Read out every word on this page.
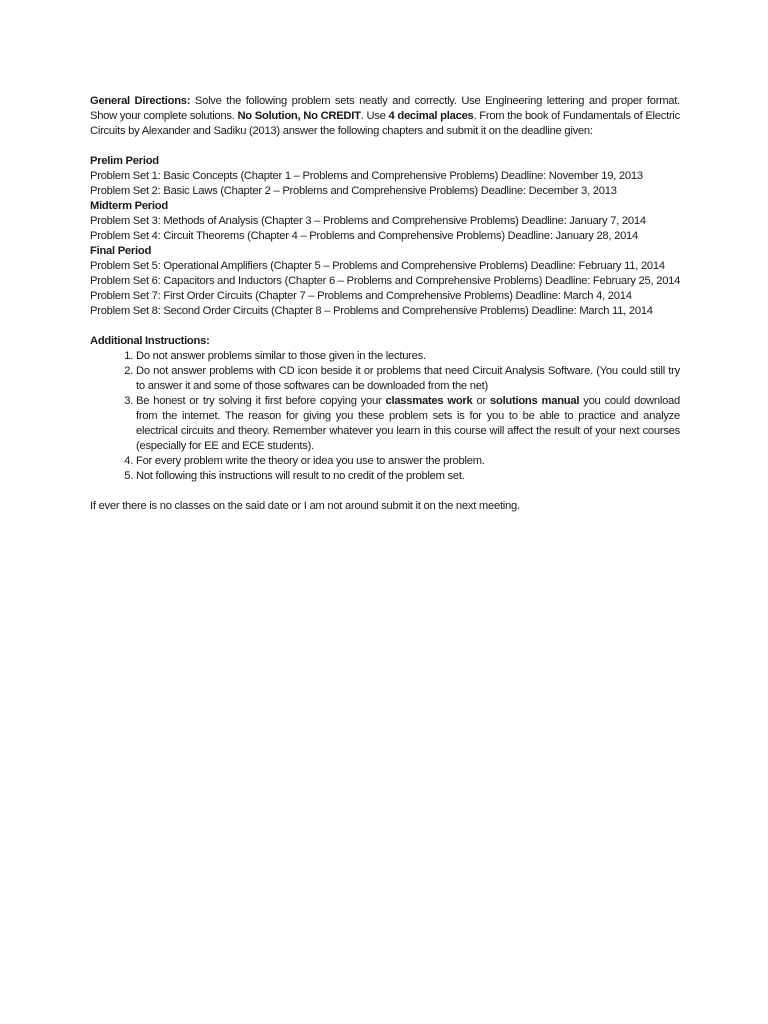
General Directions: Solve the following problem sets neatly and correctly. Use Engineering lettering and proper format. Show your complete solutions. No Solution, No CREDIT. Use 4 decimal places. From the book of Fundamentals of Electric Circuits by Alexander and Sadiku (2013) answer the following chapters and submit it on the deadline given:

Prelim Period
Problem Set 1: Basic Concepts (Chapter 1 – Problems and Comprehensive Problems) Deadline: November 19, 2013
Problem Set 2: Basic Laws (Chapter 2 – Problems and Comprehensive Problems) Deadline: December 3, 2013
Midterm Period
Problem Set 3: Methods of Analysis (Chapter 3 – Problems and Comprehensive Problems) Deadline: January 7, 2014
Problem Set 4: Circuit Theorems (Chapter 4 – Problems and Comprehensive Problems) Deadline: January 28, 2014
Final Period
Problem Set 5: Operational Amplifiers (Chapter 5 – Problems and Comprehensive Problems) Deadline: February 11, 2014
Problem Set 6: Capacitors and Inductors (Chapter 6 – Problems and Comprehensive Problems) Deadline: February 25, 2014
Problem Set 7: First Order Circuits (Chapter 7 – Problems and Comprehensive Problems) Deadline: March 4, 2014
Problem Set 8: Second Order Circuits (Chapter 8 – Problems and Comprehensive Problems) Deadline: March 11, 2014
Additional Instructions:
1. Do not answer problems similar to those given in the lectures.
2. Do not answer problems with CD icon beside it or problems that need Circuit Analysis Software. (You could still try to answer it and some of those softwares can be downloaded from the net)
3. Be honest or try solving it first before copying your classmates work or solutions manual you could download from the internet. The reason for giving you these problem sets is for you to be able to practice and analyze electrical circuits and theory. Remember whatever you learn in this course will affect the result of your next courses (especially for EE and ECE students).
4. For every problem write the theory or idea you use to answer the problem.
5. Not following this instructions will result to no credit of the problem set.

If ever there is no classes on the said date or I am not around submit it on the next meeting.
